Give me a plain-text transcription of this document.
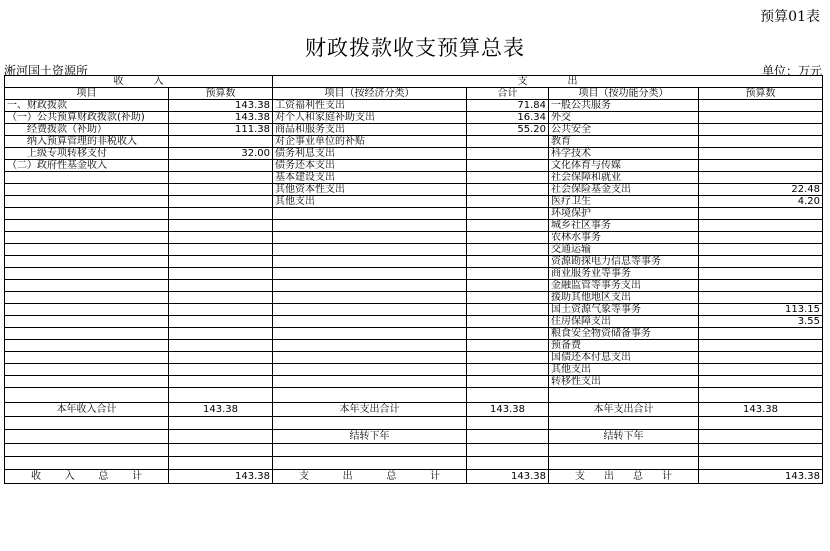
预算01表
财政拨款收支预算总表
淅河国土资源所	单位：万元
收　　　入		支　　　　出			
项目	预算数	项目（按经济分类）	合计	项目（按功能分类）	预算数
一、财政拨款	143.38	工资福利性支出	71.84	一般公共服务	
（一）公共预算财政拨款(补助)	143.38	对个人和家庭补助支出	16.34	外交	
　　经费拨款（补助）	111.38	商品和服务支出	55.20	公共安全	
　　纳入预算管理的非税收入		对企事业单位的补贴		教育	
　　上级专项转移支付	32.00	债务利息支出		科学技术	
（二）政府性基金收入		债务还本支出		文化体育与传媒	
		基本建设支出		社会保障和就业	
		其他资本性支出		社会保险基金支出	22.48
		其他支出		医疗卫生	4.20
				环境保护	
				城乡社区事务	
				农林水事务	
				交通运输	
				资源勘探电力信息等事务	
				商业服务业等事务	
				金融监管等事务支出	
				援助其他地区支出	
				国土资源气象等事务	113.15
				住房保障支出	3.55
				粮食安全物资储备事务	
				预备费	
				国债还本付息支出	
				其他支出	
				转移性支出	

本年收入合计	143.38	本年支出合计	143.38	本年支出合计	143.38

		结转下年		结转下年	

收 入 总 计	143.38	支 出 总 计	143.38	支 出 总 计	143.38
